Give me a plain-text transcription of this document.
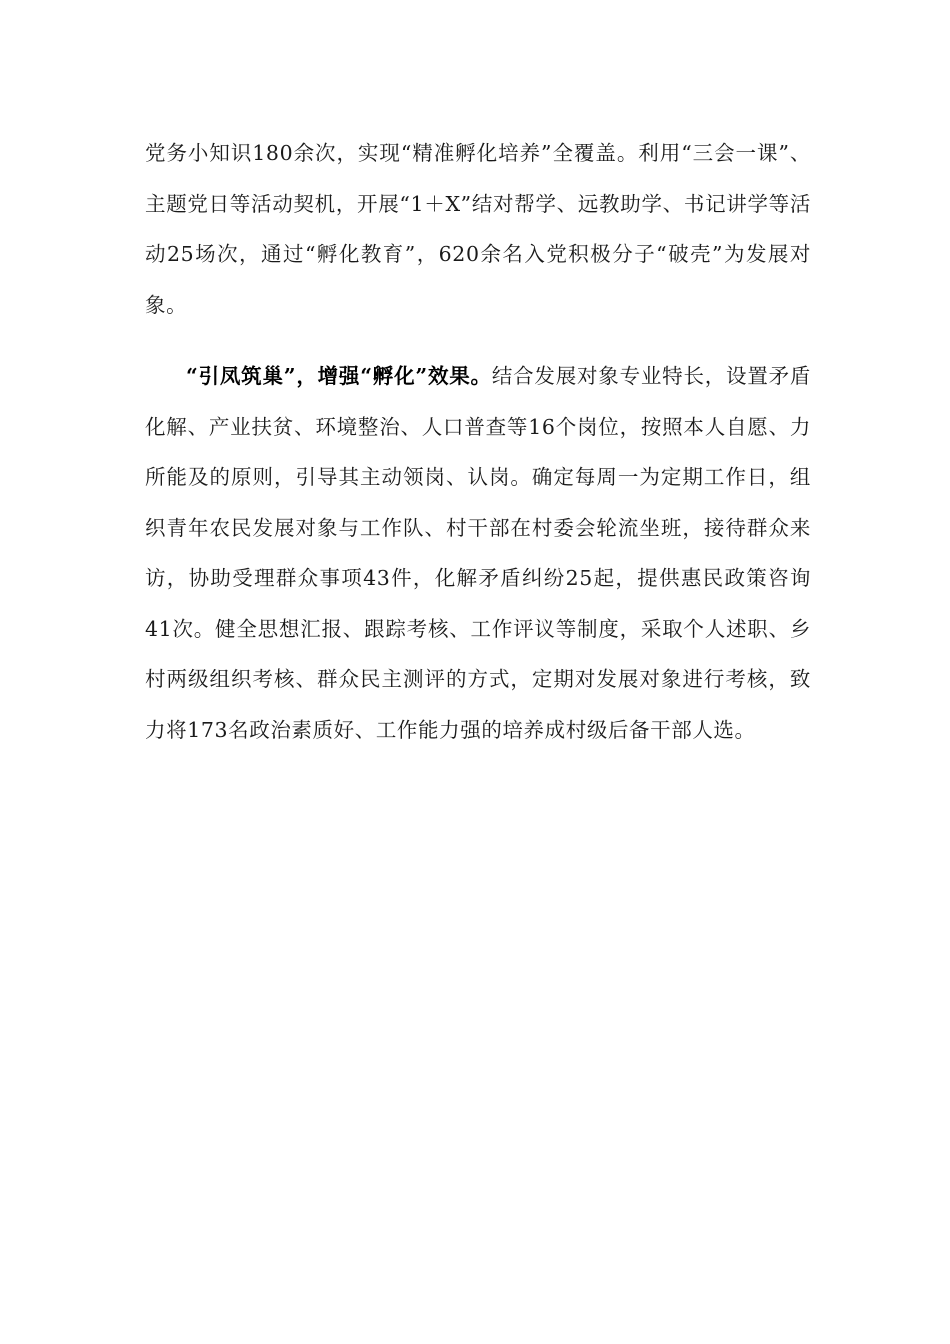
党务小知识180余次，实现“精准孵化培养”全覆盖。利用“三会一课”、主题党日等活动契机，开展“1＋X”结对帮学、远教助学、书记讲学等活动25场次，通过“孵化教育”，620余名入党积极分子“破壳”为发展对象。

“引凤筑巢”，增强“孵化”效果。结合发展对象专业特长，设置矛盾化解、产业扶贫、环境整治、人口普查等16个岗位，按照本人自愿、力所能及的原则，引导其主动领岗、认岗。确定每周一为定期工作日，组织青年农民发展对象与工作队、村干部在村委会轮流坐班，接待群众来访，协助受理群众事项43件，化解矛盾纠纷25起，提供惠民政策咨询41次。健全思想汇报、跟踪考核、工作评议等制度，采取个人述职、乡村两级组织考核、群众民主测评的方式，定期对发展对象进行考核，致力将173名政治素质好、工作能力强的培养成村级后备干部人选。
